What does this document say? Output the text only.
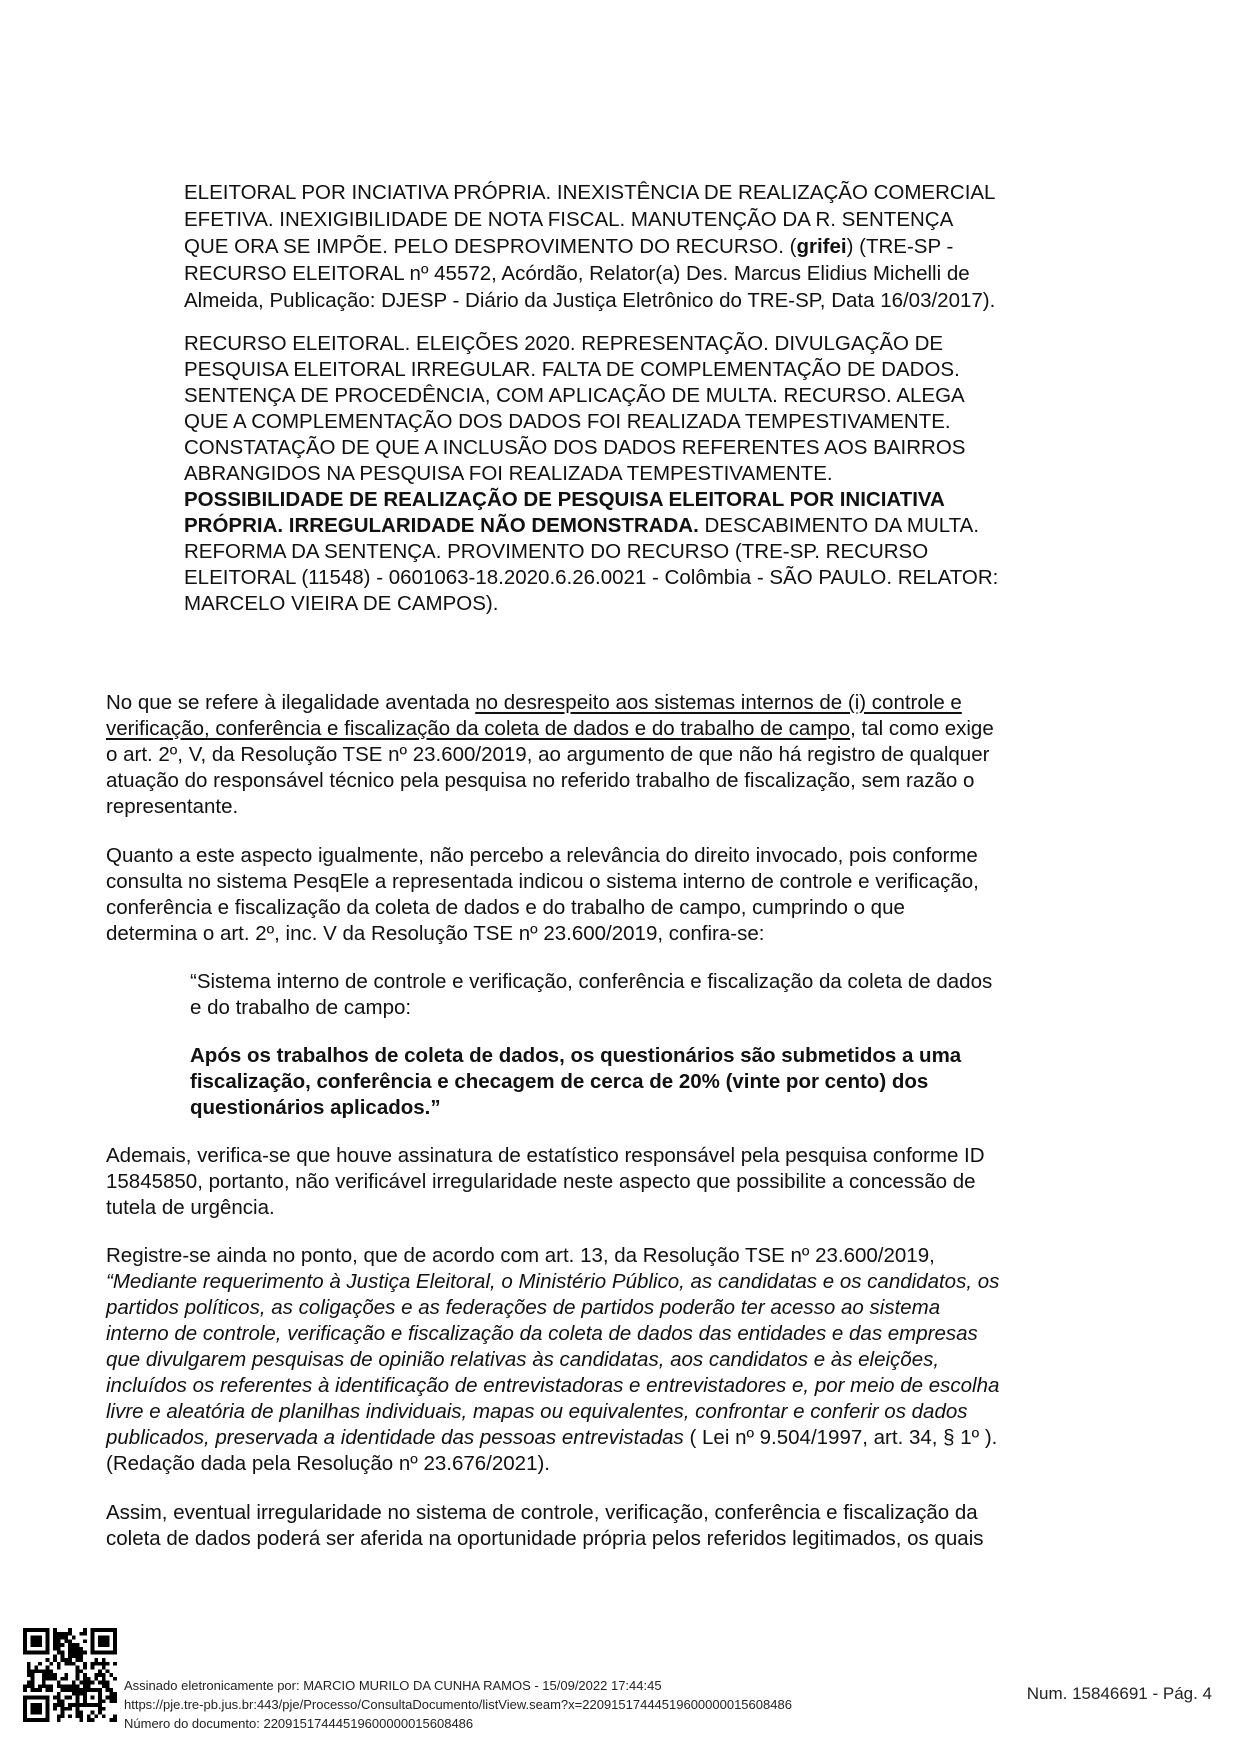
ELEITORAL POR INCIATIVA PRÓPRIA. INEXISTÊNCIA DE REALIZAÇÃO COMERCIAL

EFETIVA. INEXIGIBILIDADE DE NOTA FISCAL. MANUTENÇÃO DA R. SENTENÇA

QUE ORA SE IMPÕE. PELO DESPROVIMENTO DO RECURSO. (grifei) (TRE-SP -

RECURSO ELEITORAL nº 45572, Acórdão, Relator(a) Des. Marcus Elidius Michelli de

Almeida, Publicação: DJESP - Diário da Justiça Eletrônico do TRE-SP, Data 16/03/2017).

RECURSO ELEITORAL. ELEIÇÕES 2020. REPRESENTAÇÃO. DIVULGAÇÃO DE

PESQUISA ELEITORAL IRREGULAR. FALTA DE COMPLEMENTAÇÃO DE DADOS.

SENTENÇA DE PROCEDÊNCIA, COM APLICAÇÃO DE MULTA. RECURSO. ALEGA

QUE A COMPLEMENTAÇÃO DOS DADOS FOI REALIZADA TEMPESTIVAMENTE.

CONSTATAÇÃO DE QUE A INCLUSÃO DOS DADOS REFERENTES AOS BAIRROS

ABRANGIDOS NA PESQUISA FOI REALIZADA TEMPESTIVAMENTE.

POSSIBILIDADE DE REALIZAÇÃO DE PESQUISA ELEITORAL POR INICIATIVA

PRÓPRIA. IRREGULARIDADE NÃO DEMONSTRADA. DESCABIMENTO DA MULTA.

REFORMA DA SENTENÇA. PROVIMENTO DO RECURSO (TRE-SP. RECURSO

ELEITORAL (11548) - 0601063-18.2020.6.26.0021 - Colômbia - SÃO PAULO. RELATOR:

MARCELO VIEIRA DE CAMPOS).

No que se refere à ilegalidade aventada no desrespeito aos sistemas internos de (i) controle e

verificação, conferência e fiscalização da coleta de dados e do trabalho de campo, tal como exige

o art. 2º, V, da Resolução TSE nº 23.600/2019, ao argumento de que não há registro de qualquer

atuação do responsável técnico pela pesquisa no referido trabalho de fiscalização, sem razão o

representante.

Quanto a este aspecto igualmente, não percebo a relevância do direito invocado, pois conforme

consulta no sistema PesqEle a representada indicou o sistema interno de controle e verificação,

conferência e fiscalização da coleta de dados e do trabalho de campo, cumprindo o que

determina o art. 2º, inc. V da Resolução TSE nº 23.600/2019, confira-se:

“Sistema interno de controle e verificação, conferência e fiscalização da coleta de dados

e do trabalho de campo:

Após os trabalhos de coleta de dados, os questionários são submetidos a uma

fiscalização, conferência e checagem de cerca de 20% (vinte por cento) dos

questionários aplicados.”

Ademais, verifica-se que houve assinatura de estatístico responsável pela pesquisa conforme ID

15845850, portanto, não verificável irregularidade neste aspecto que possibilite a concessão de

tutela de urgência.

Registre-se ainda no ponto, que de acordo com art. 13, da Resolução TSE nº 23.600/2019,

“Mediante requerimento à Justiça Eleitoral, o Ministério Público, as candidatas e os candidatos, os

partidos políticos, as coligações e as federações de partidos poderão ter acesso ao sistema

interno de controle, verificação e fiscalização da coleta de dados das entidades e das empresas

que divulgarem pesquisas de opinião relativas às candidatas, aos candidatos e às eleições,

incluídos os referentes à identificação de entrevistadoras e entrevistadores e, por meio de escolha

livre e aleatória de planilhas individuais, mapas ou equivalentes, confrontar e conferir os dados

publicados, preservada a identidade das pessoas entrevistadas ( Lei nº 9.504/1997, art. 34, § 1º ).

(Redação dada pela Resolução nº 23.676/2021).

Assim, eventual irregularidade no sistema de controle, verificação, conferência e fiscalização da

coleta de dados poderá ser aferida na oportunidade própria pelos referidos legitimados, os quais

Assinado eletronicamente por: MARCIO MURILO DA CUNHA RAMOS - 15/09/2022 17:44:45
https://pje.tre-pb.jus.br:443/pje/Processo/ConsultaDocumento/listView.seam?x=22091517444519600000015608486
Número do documento: 22091517444519600000015608486
Num. 15846691 - Pág. 4
